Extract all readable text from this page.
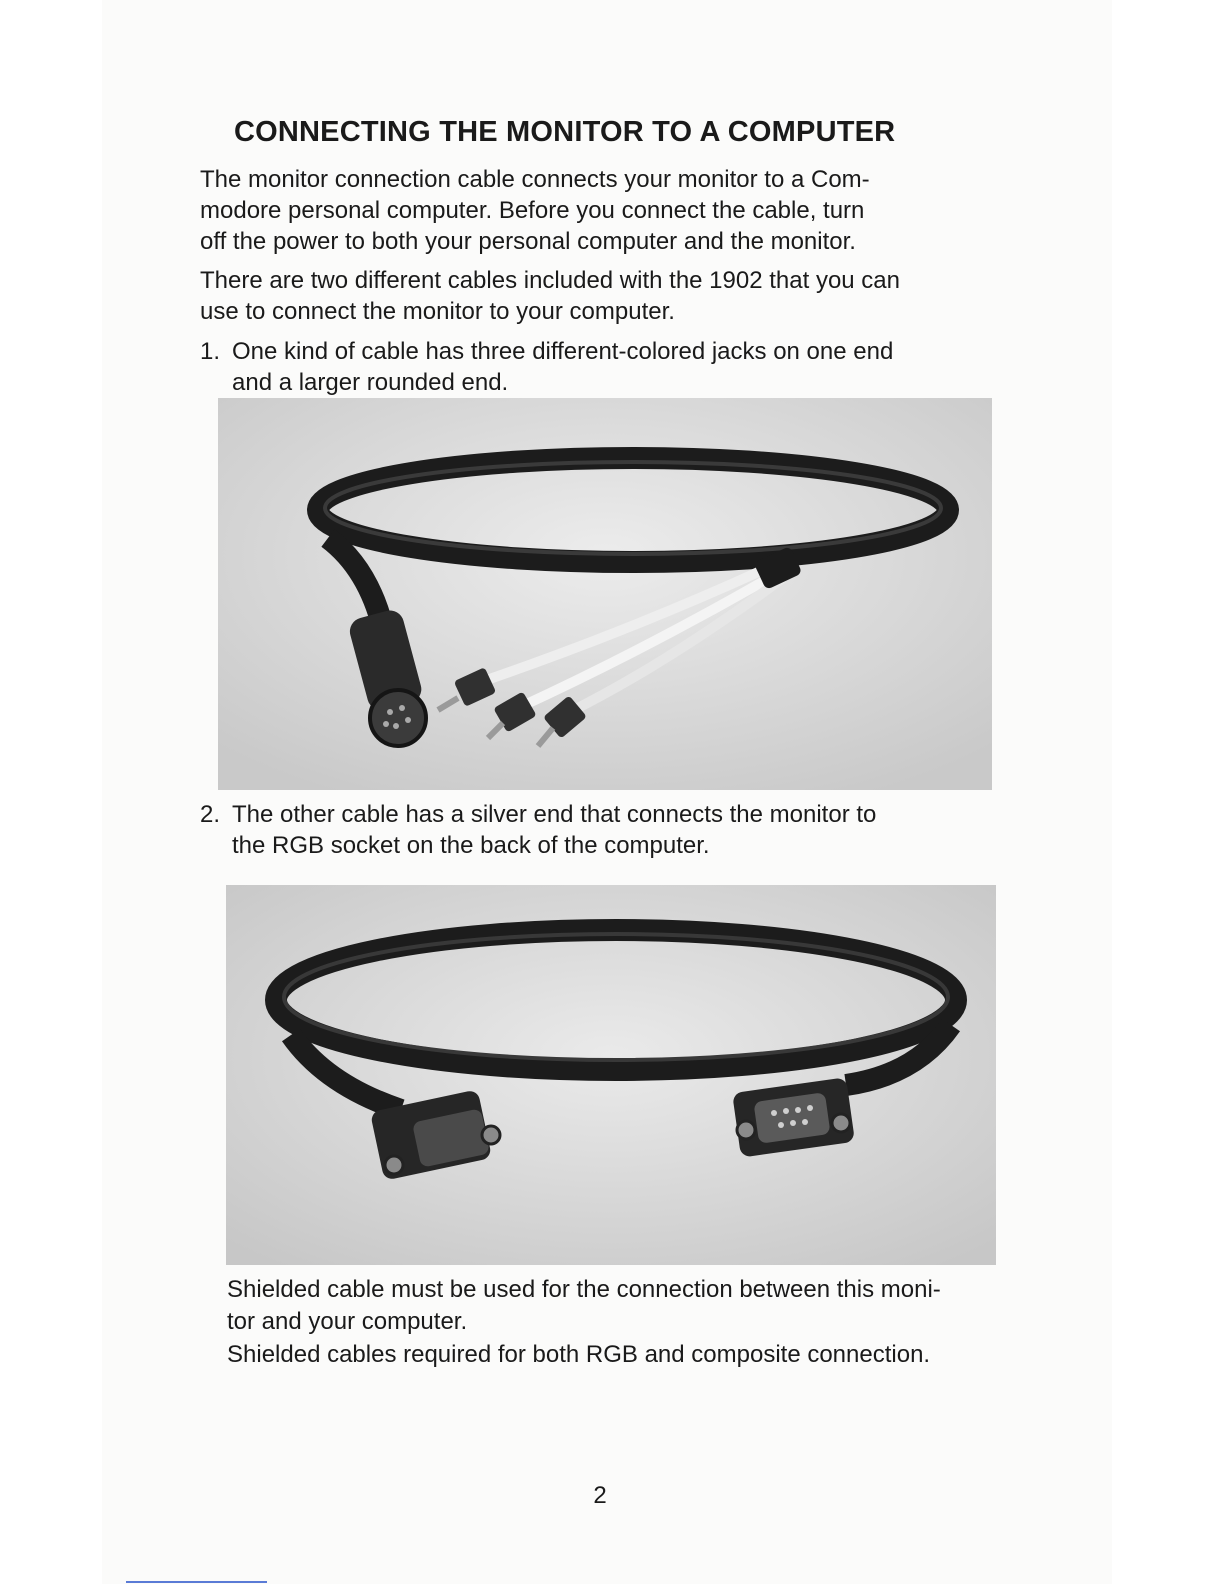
CONNECTING THE MONITOR TO A COMPUTER

The monitor connection cable connects your monitor to a Com-
modore personal computer. Before you connect the cable, turn
off the power to both your personal computer and the monitor.

There are two different cables included with the 1902 that you can
use to connect the monitor to your computer.

1. One kind of cable has three different-colored jacks on one end
and a larger rounded end.
2. The other cable has a silver end that connects the monitor to
the RGB socket on the back of the computer.

Shielded cable must be used for the connection between this moni-
tor and your computer.

Shielded cables required for both RGB and composite connection.

2
